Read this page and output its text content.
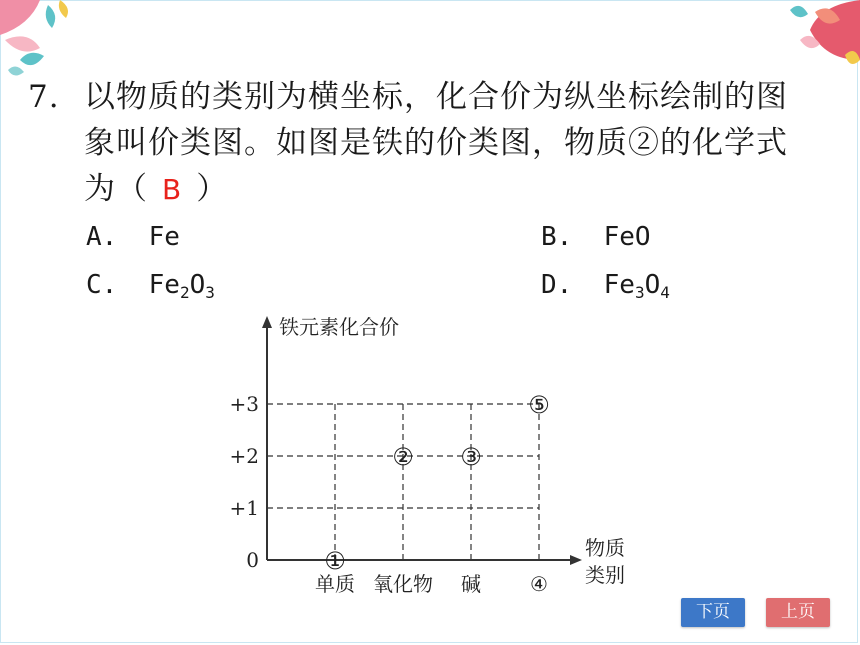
7. 以物质的类别为横坐标，化合价为纵坐标绘制的图
象叫价类图。如图是铁的价类图，物质②的化学式
为（ B ）
A. Fe	B. FeO
C. $Fe_2O_3$	D. $Fe_3O_4$
0
+1
+2
+3
单质 氧化物 碱 ④
铁元素化合价
物质
类别
①
② ③
⑤
下页	上页
